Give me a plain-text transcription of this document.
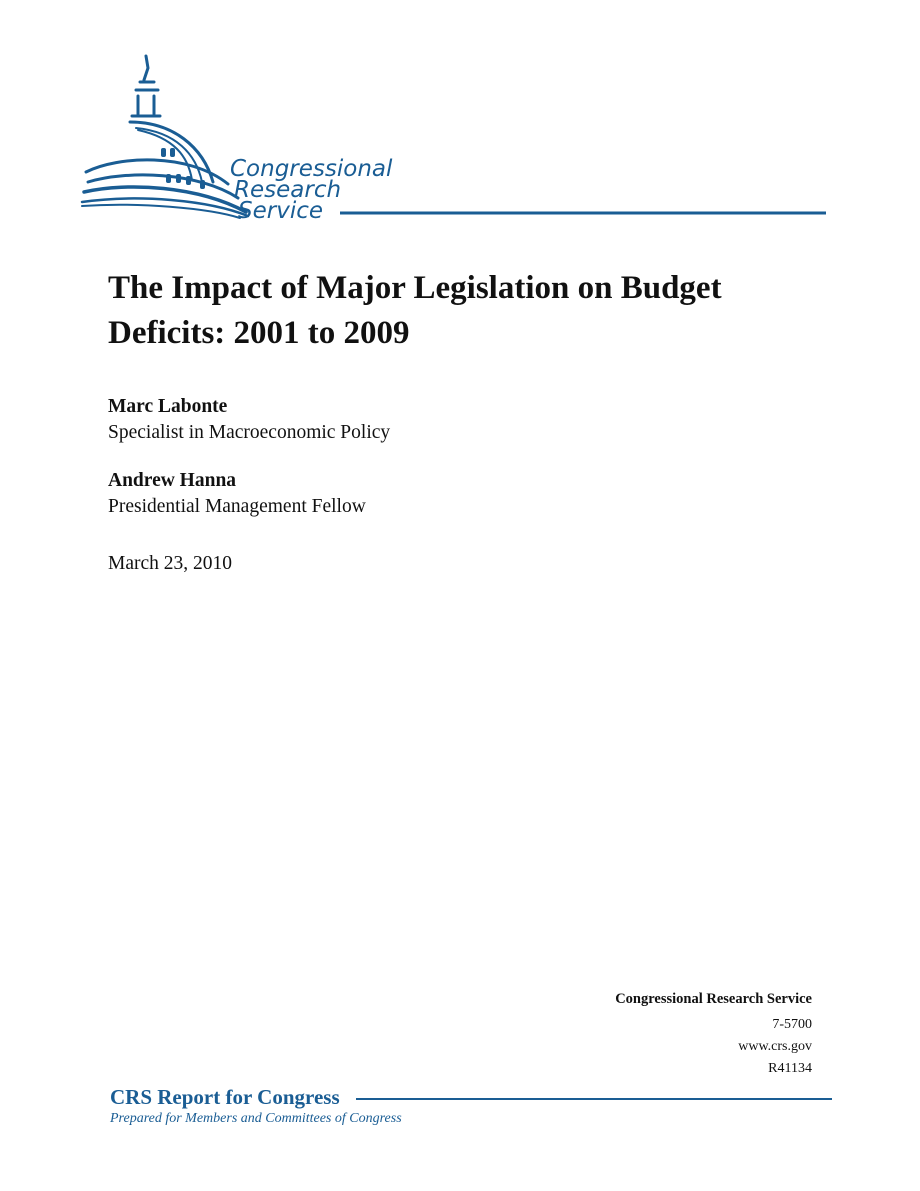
Congressional
Research
Service
The Impact of Major Legislation on Budget Deficits: 2001 to 2009

Marc Labonte

Specialist in Macroeconomic Policy

Andrew Hanna

Presidential Management Fellow

March 23, 2010

Congressional Research Service
7-5700
www.crs.gov
R41134
CRS Report for Congress
Prepared for Members and Committees of Congress
